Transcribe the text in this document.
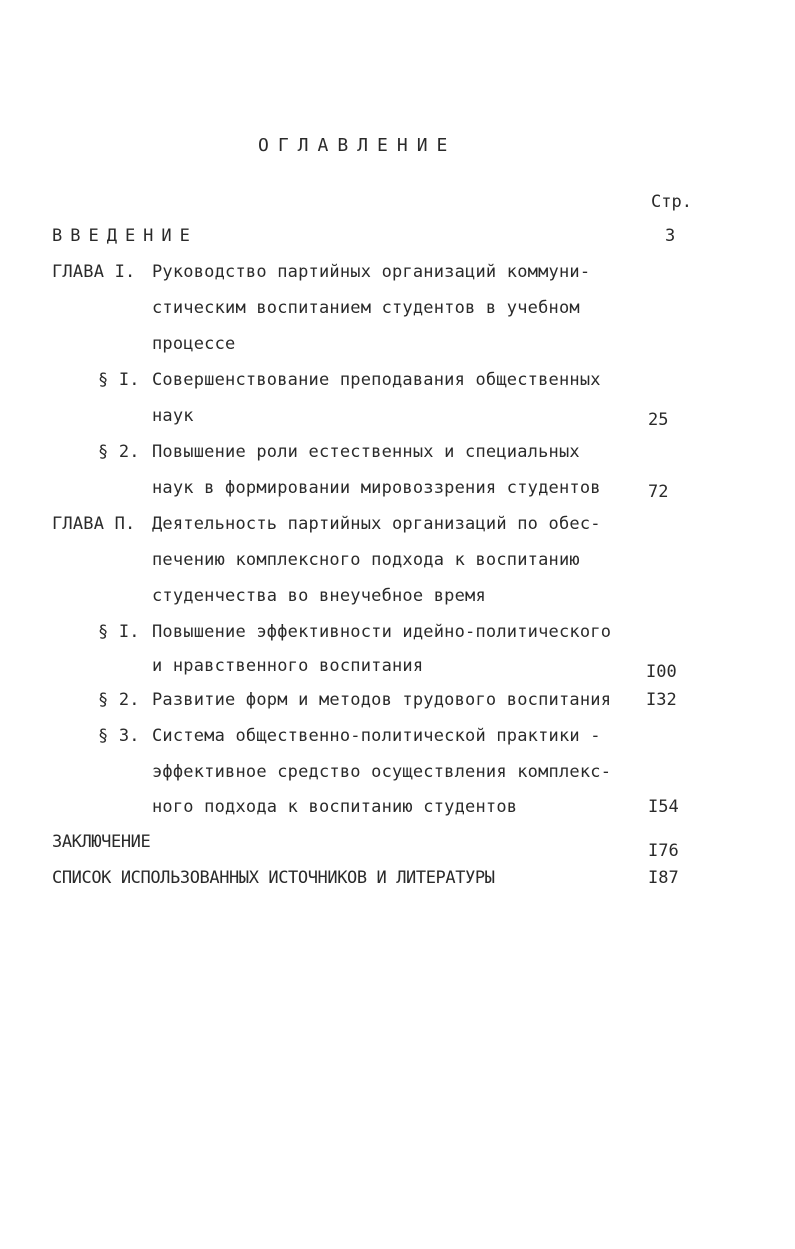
ОГЛАВЛЕНИЕ
Стр.
ВВЕДЕНИЕ	3
ГЛАВА I. Руководство партийных организаций коммуни-
стическим воспитанием студентов в учебном
процессе
§ I. Совершенствование преподавания общественных
наук	25
§ 2. Повышение роли естественных и специальных
наук в формировании мировоззрения студентов	72
ГЛАВА П. Деятельность партийных организаций по обес-
печению комплексного подхода к воспитанию
студенчества во внеучебное время
§ I. Повышение эффективности идейно-политического
и нравственного воспитания	I00
§ 2. Развитие форм и методов трудового воспитания I32
§ 3. Система общественно-политической практики -
эффективное средство осуществления комплекс-
ного подхода к воспитанию студентов	I54
ЗАКЛЮЧЕНИЕ	I76
СПИСОК ИСПОЛЬЗОВАННЫХ ИСТОЧНИКОВ И ЛИТЕРАТУРЫ	I87
